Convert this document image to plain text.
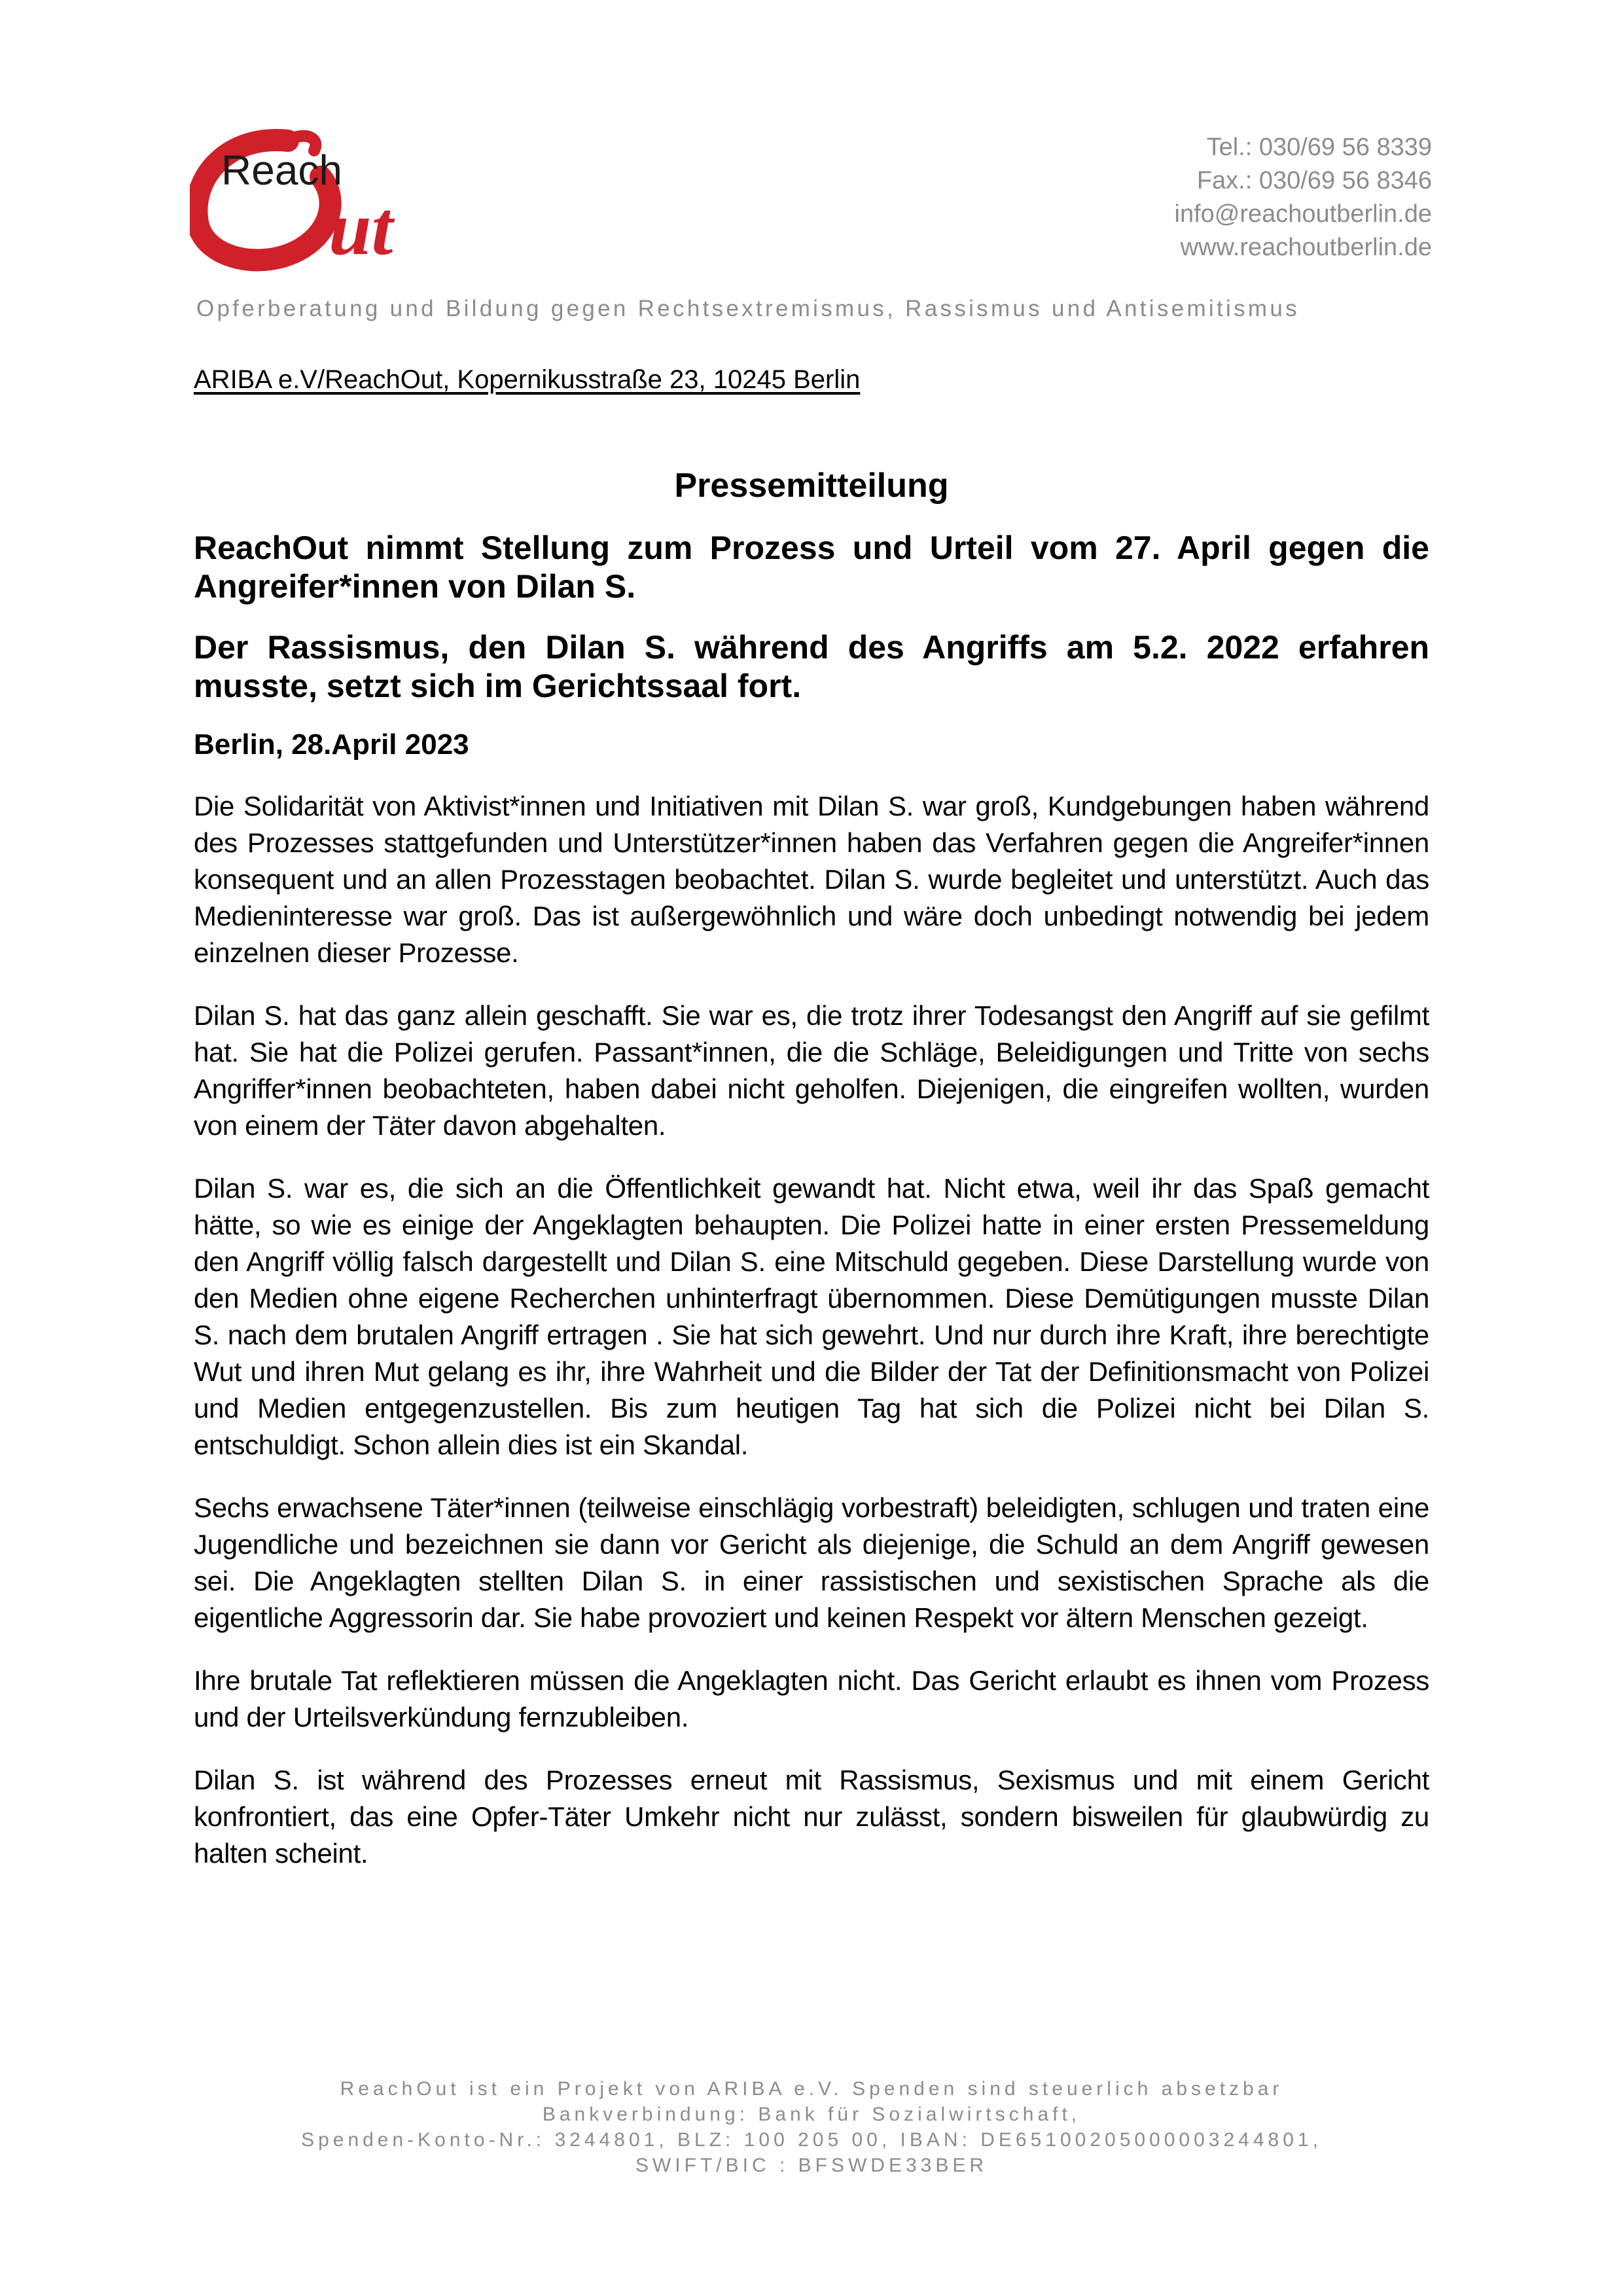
Reach
ut
Tel.: 030/69 56 8339
Fax.: 030/69 56 8346
info@reachoutberlin.de
www.reachoutberlin.de
Opferberatung und Bildung gegen Rechtsextremismus, Rassismus und Antisemitismus
ARIBA e.V/ReachOut, Kopernikusstraße 23, 10245 Berlin
Pressemitteilung

ReachOut nimmt Stellung zum Prozess und Urteil vom 27. April gegen die Angreifer*innen von Dilan S.

Der Rassismus, den Dilan S. während des Angriffs am 5.2. 2022 erfahren musste, setzt sich im Gerichtssaal fort.

Berlin, 28.April 2023

Die Solidarität von Aktivist*innen und Initiativen mit Dilan S. war groß, Kundgebungen haben während des Prozesses stattgefunden und Unterstützer*innen haben das Verfahren gegen die Angreifer*innen konsequent und an allen Prozesstagen beobachtet. Dilan S. wurde begleitet und unterstützt. Auch das Medieninteresse war groß. Das ist außergewöhnlich und wäre doch unbedingt notwendig bei jedem einzelnen dieser Prozesse.

Dilan S. hat das ganz allein geschafft. Sie war es, die trotz ihrer Todesangst den Angriff auf sie gefilmt hat. Sie hat die Polizei gerufen. Passant*innen, die die Schläge, Beleidigungen und Tritte von sechs Angriffer*innen beobachteten, haben dabei nicht geholfen. Diejenigen, die eingreifen wollten, wurden von einem der Täter davon abgehalten.

Dilan S. war es, die sich an die Öffentlichkeit gewandt hat. Nicht etwa, weil ihr das Spaß gemacht hätte, so wie es einige der Angeklagten behaupten. Die Polizei hatte in einer ersten Pressemeldung den Angriff völlig falsch dargestellt und Dilan S. eine Mitschuld gegeben. Diese Darstellung wurde von den Medien ohne eigene Recherchen unhinterfragt übernommen. Diese Demütigungen musste Dilan S. nach dem brutalen Angriff ertragen . Sie hat sich gewehrt. Und nur durch ihre Kraft, ihre berechtigte Wut und ihren Mut gelang es ihr, ihre Wahrheit und die Bilder der Tat der Definitionsmacht von Polizei und Medien entgegenzustellen. Bis zum heutigen Tag hat sich die Polizei nicht bei Dilan S. entschuldigt. Schon allein dies ist ein Skandal.

Sechs erwachsene Täter*innen (teilweise einschlägig vorbestraft) beleidigten, schlugen und traten eine Jugendliche und bezeichnen sie dann vor Gericht als diejenige, die Schuld an dem Angriff gewesen sei. Die Angeklagten stellten Dilan S. in einer rassistischen und sexistischen Sprache als die eigentliche Aggressorin dar. Sie habe provoziert und keinen Respekt vor ältern Menschen gezeigt.

Ihre brutale Tat reflektieren müssen die Angeklagten nicht. Das Gericht erlaubt es ihnen vom Prozess und der Urteilsverkündung fernzubleiben.

Dilan S. ist während des Prozesses erneut mit Rassismus, Sexismus und mit einem Gericht konfrontiert, das eine Opfer-Täter Umkehr nicht nur zulässt, sondern bisweilen für glaubwürdig zu halten scheint.

ReachOut ist ein Projekt von ARIBA e.V. Spenden sind steuerlich absetzbar
Bankverbindung: Bank für Sozialwirtschaft,
Spenden-Konto-Nr.: 3244801, BLZ: 100 205 00, IBAN: DE65100205000003244801,
SWIFT/BIC : BFSWDE33BER
